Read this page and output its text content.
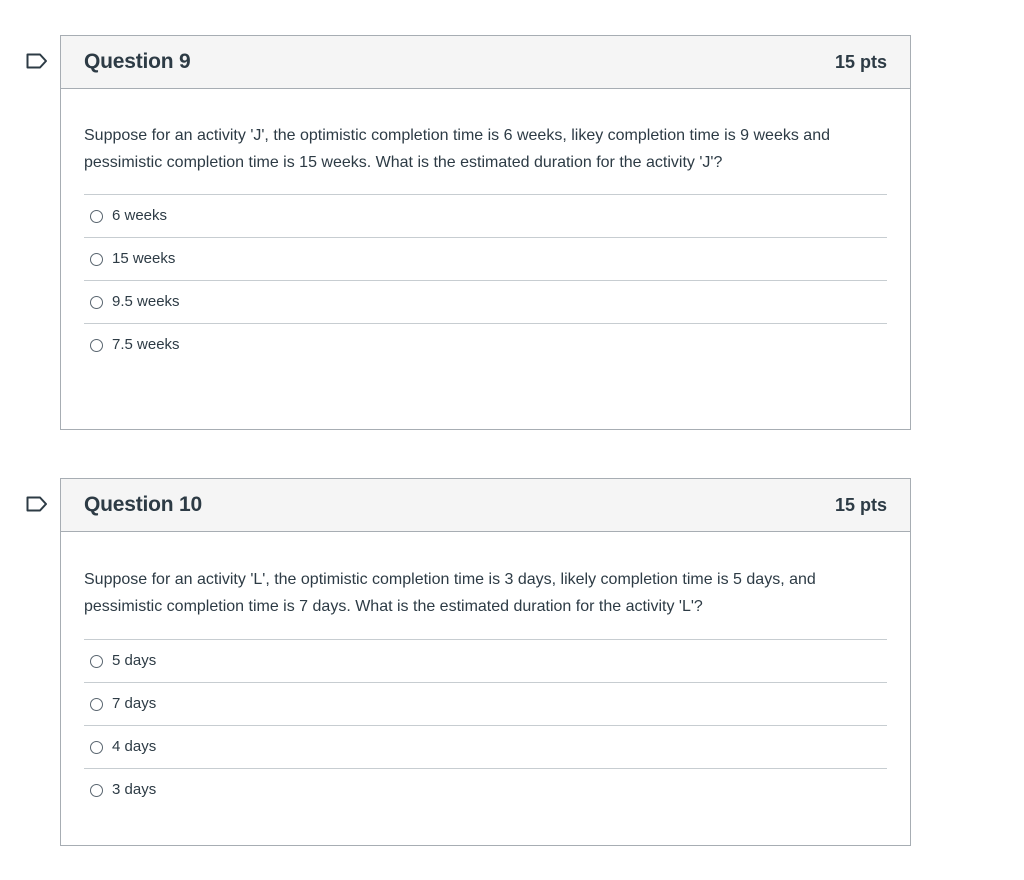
Question 9	15 pts

Suppose for an activity 'J', the optimistic completion time is 6 weeks, likey completion time is 9 weeks and pessimistic completion time is 15 weeks. What is the estimated duration for the activity 'J'?

6 weeks
15 weeks
9.5 weeks
7.5 weeks
Question 10	15 pts

Suppose for an activity 'L', the optimistic completion time is 3 days, likely completion time is 5 days, and pessimistic completion time is 7 days. What is the estimated duration for the activity 'L'?

5 days
7 days
4 days
3 days
